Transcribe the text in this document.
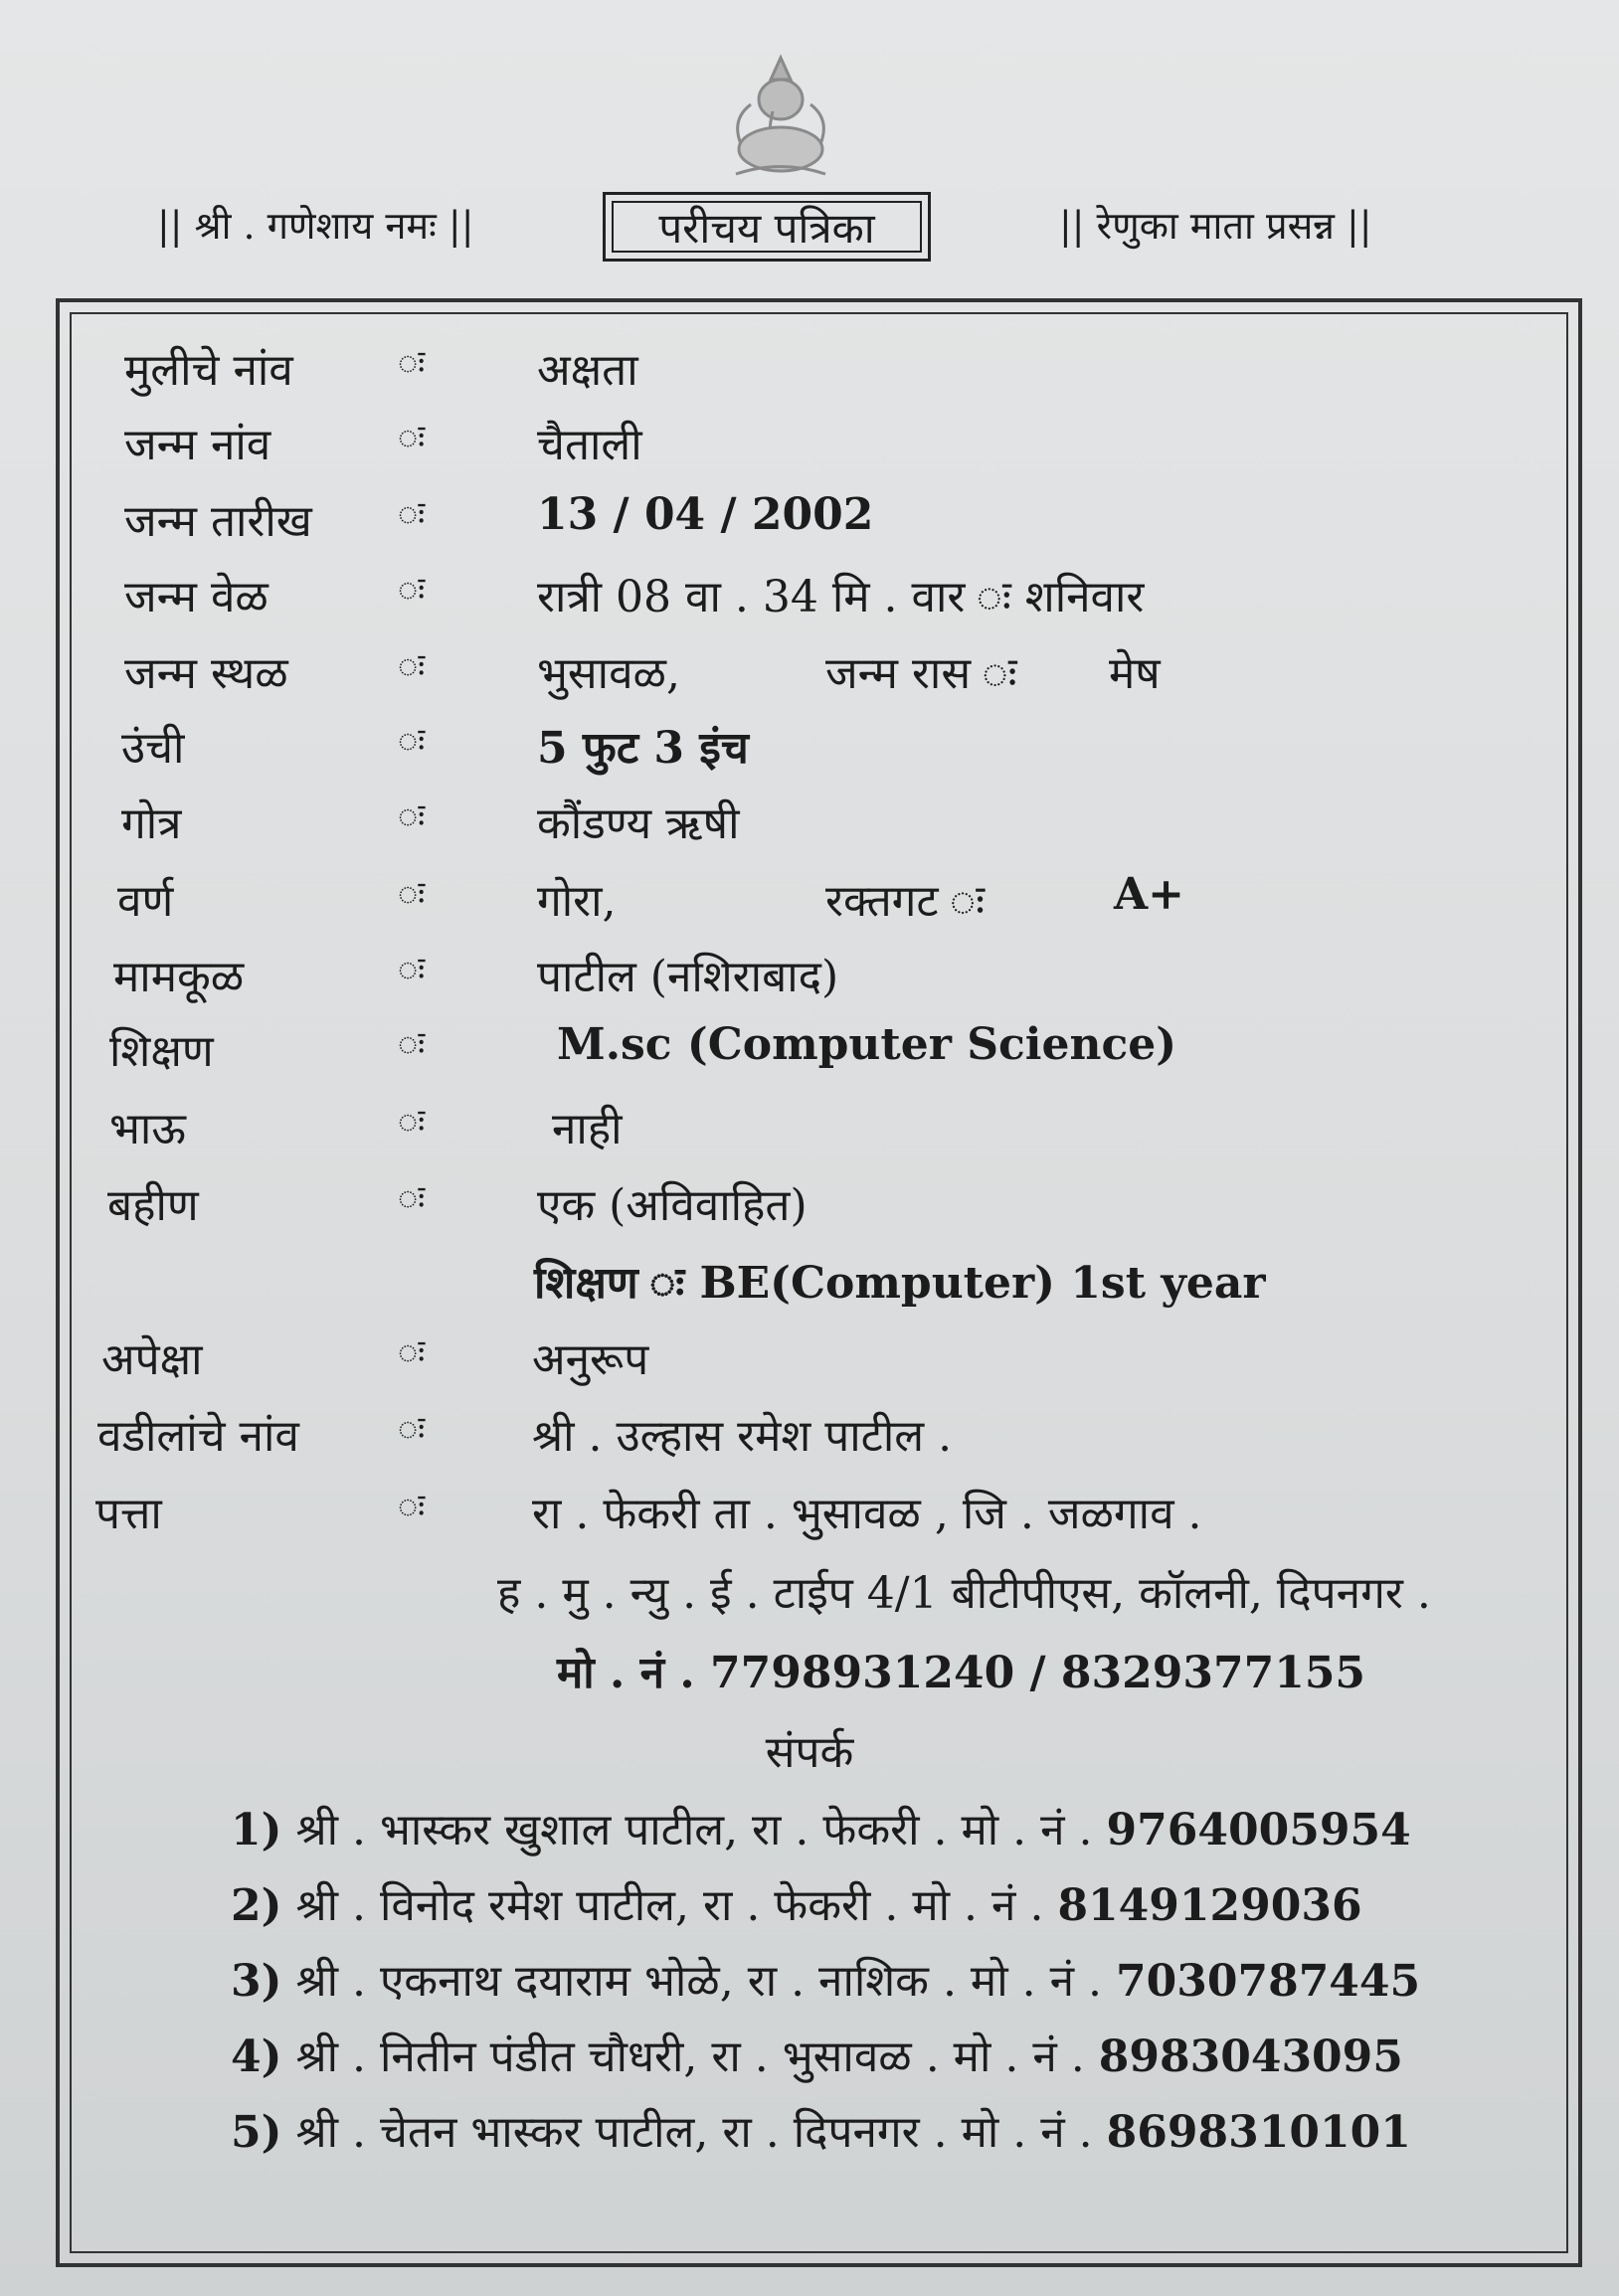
|| श्री . गणेशाय नमः ||	परीचय पत्रिका	|| रेणुका माता प्रसन्न ||
मुलीचे नांव	ः	अक्षता
जन्म नांव	ः	चैताली
जन्म तारीख	ः	13 / 04 / 2002
जन्म वेळ	ः	रात्री 08 वा . 34 मि . वार ः शनिवार
जन्म स्थळ	ः	भुसावळ,	जन्म रास ः मेष
उंची	ः	5 फुट 3 इंच
गोत्र	ः	कौंडण्य ऋषी
वर्ण	ः	गोरा,	रक्तगट ः	A+
मामकूळ	ः	पाटील (नशिराबाद)
शिक्षण	ः	M.sc (Computer Science)
भाऊ	ः	नाही
बहीण	ः	एक (अविवाहित)
शिक्षण ः BE(Computer) 1st year
अपेक्षा	ः अनुरूप
वडीलांचे नांव	ः श्री . उल्हास रमेश पाटील .
पत्ता	ः रा . फेकरी ता . भुसावळ , जि . जळगाव .
ह . मु . न्यु . ई . टाईप 4/1 बीटीपीएस, कॉलनी, दिपनगर .
मो . नं . 7798931240 / 8329377155
संपर्क
1) श्री . भास्कर खुशाल पाटील, रा . फेकरी . मो . नं . 9764005954
2) श्री . विनोद रमेश पाटील, रा . फेकरी . मो . नं . 8149129036
3) श्री . एकनाथ दयाराम भोळे, रा . नाशिक . मो . नं . 7030787445
4) श्री . नितीन पंडीत चौधरी, रा . भुसावळ . मो . नं . 8983043095
5) श्री . चेतन भास्कर पाटील, रा . दिपनगर . मो . नं . 8698310101
